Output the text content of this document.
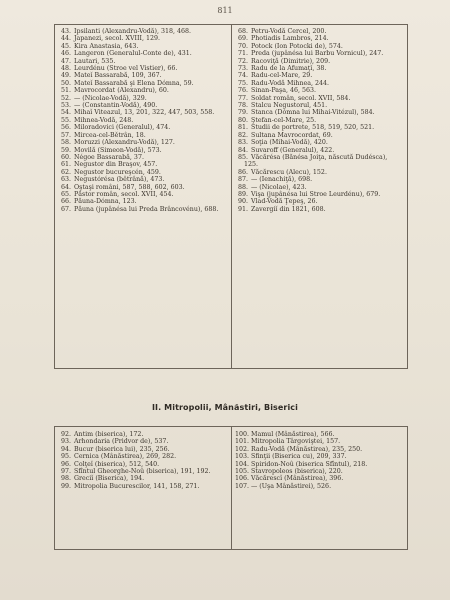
811

43. Ipsilanti (Alexandru-Vodă), 318, 468.

44. Japanezi, secol. XVIII, 129.

45. Kira Anastasia, 643.

46. Langeron (Generalul-Conte de), 431.

47. Lautari, 535.

48. Leurdénu (Stroe vel Vistier), 66.

49. Mateĭ Bassarabă, 109, 367.

50. Mateĭ Bassarabă şi Elena Dómna, 59.

51. Mavrocordat (Alexandru), 60.

52. — (Nicolae-Vodă), 329.

53. — (Constantin-Vodă), 490.

54. Mihaĭ Viteazul, 13, 201, 322, 447, 503, 558.

55. Mihnea-Vodă, 248.

56. Miloradovici (Generalul), 474.

57. Mircea-cel-Bětrân, 18.

58. Moruzzi (Alexandru-Vodă), 127.

59. Movilă (Simeon-Vodă), 573.

60. Négoe Bassarabă, 37.

61. Negustor din Braşov, 457.

62. Negustor bucureşcén, 459.

63. Negustórésa (bětrână), 473.

64. Oştaşi români, 587, 588, 602, 603.

65. Păstor român, secol. XVII, 454.

66. Păuna-Dómna, 123.

67. Păuna (jupânésa lui Preda Brâncovénu), 688.

68. Petru-Vodă Cercel, 200.

69. Photiadis Lambros, 214.

70. Potock (Ion Potocki de), 574.

71. Preda (jupânésa lui Barbu Vornicul), 247.

72. Racoviţă (Dimitrie), 209.

73. Radu de la Afumaţĭ, 38.

74. Radu-cel-Mare, 29.

75. Radu-Vodă Mihnea, 244.

76. Sinan-Paşa, 46, 563.

77. Soldat român, secol. XVII, 584.

78. Stalcu Negustorul, 451.

79. Stanca (Dómna lui Mihai-Vitézul), 584.

80. Ştefan-cel-Mare, 25.

81. Studii de portrete, 518, 519, 520, 521.

82. Sultana Mavrocordat, 69.

83. Soţia (Mihai-Vodă), 420.

84. Suvaroff (Generalul), 422.

85. Văcărésa (Bănésa Joiţa, născută Dudésca), 125.

86. Văcărescu (Alecu), 152.

87. — (Ienachiţă), 698.

88. — (Nicolae), 423.

89. Vişa (jupânésa lui Stroe Leurdénu), 679.

90. Vlad-Vodă Ţepeş, 26.

91. Zavergiĭ din 1821, 608.

II. Mitropolii, Mânăstiri, Biserici

92. Antim (biserica), 172.

93. Arhondaria (Pridvor de), 537.

94. Bucur (biserica lui), 235, 256.

95. Cernica (Mânăstirea), 269, 282.

96. Colţeĭ (biserica), 512, 540.

97. Sfîntul Gheorghe-Noû (biserica), 191, 192.

98. Greciĭ (Biserica), 194.

99. Mitropolia Bucurescilor, 141, 158, 271.

100. Mamul (Mânăstirea), 566.

101. Mitropolia Târgoviştei, 157.

102. Radu-Vodă (Mânăstirea), 235, 250.

103. Sfinţii (Biserica cu), 209, 337.

104. Spiridon-Noû (biserica Sfîntul), 218.

105. Stavropoleos (biserica), 220.

106. Văcărescĭ (Mânăstirea), 396.

107. — (Uşa Mânăstirei), 526.
